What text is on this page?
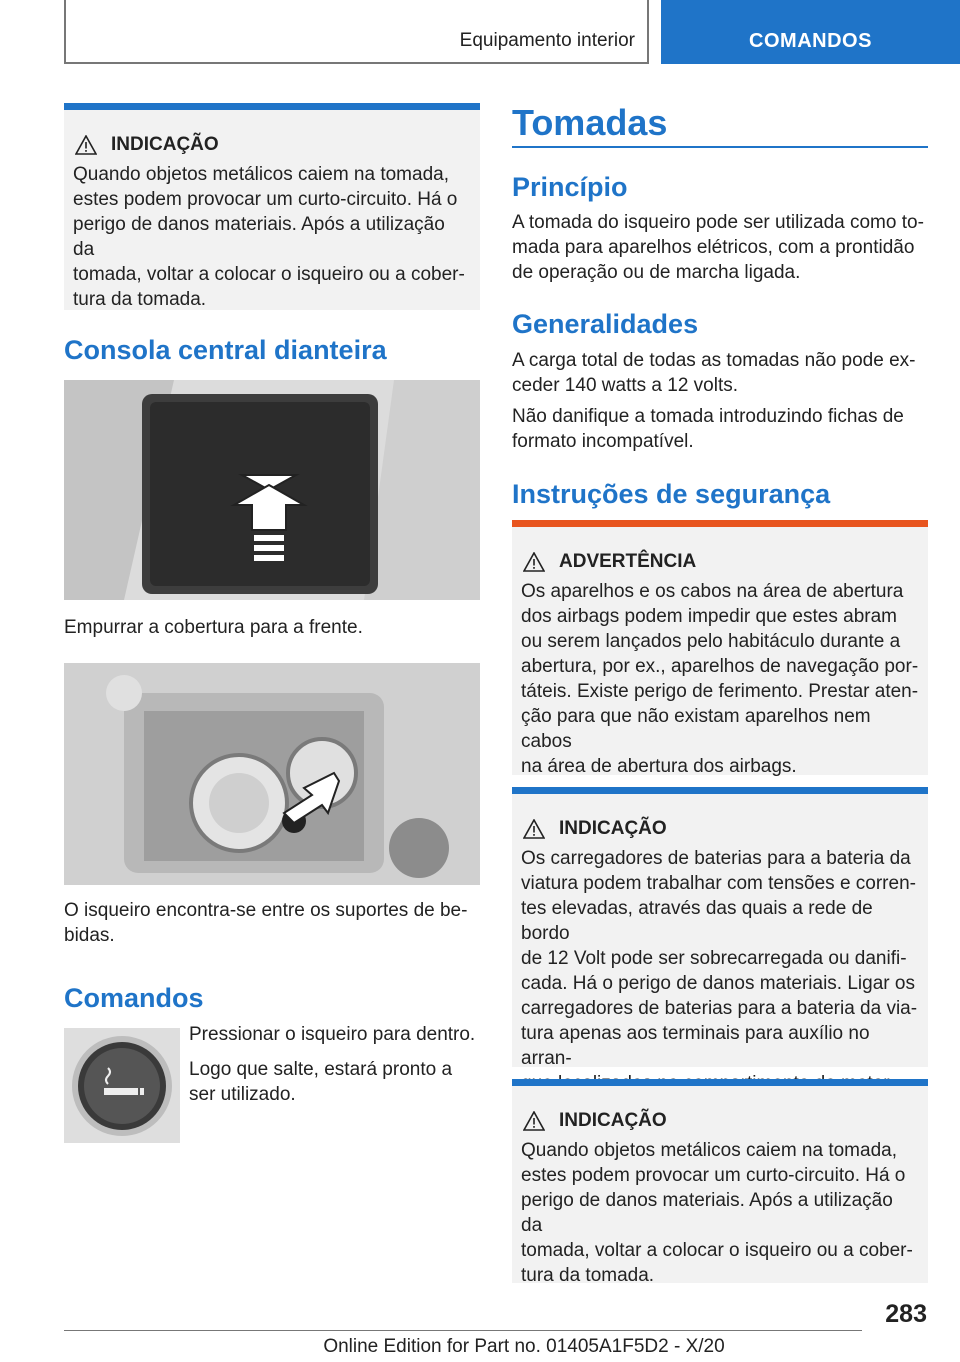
Equipamento interior	COMANDOS
INDICAÇÃO

Quando objetos metálicos caiem na tomada,
estes podem provocar um curto-circuito. Há o
perigo de danos materiais. Após a utilização da
tomada, voltar a colocar o isqueiro ou a cober-
tura da tomada.

Consola central dianteira

Empurrar a cobertura para a frente.

O isqueiro encontra-se entre os suportes de be-
bidas.

Comandos

Pressionar o isqueiro para dentro.

Logo que salte, estará pronto a
ser utilizado.

Tomadas
Princípio

A tomada do isqueiro pode ser utilizada como to-
mada para aparelhos elétricos, com a prontidão
de operação ou de marcha ligada.

Generalidades

A carga total de todas as tomadas não pode ex-
ceder 140 watts a 12 volts.

Não danifique a tomada introduzindo fichas de
formato incompatível.

Instruções de segurança
ADVERTÊNCIA

Os aparelhos e os cabos na área de abertura
dos airbags podem impedir que estes abram
ou serem lançados pelo habitáculo durante a
abertura, por ex., aparelhos de navegação por-
táteis. Existe perigo de ferimento. Prestar aten-
ção para que não existam aparelhos nem cabos
na área de abertura dos airbags.

INDICAÇÃO

Os carregadores de baterias para a bateria da
viatura podem trabalhar com tensões e corren-
tes elevadas, através das quais a rede de bordo
de 12 Volt pode ser sobrecarregada ou danifi-
cada. Há o perigo de danos materiais. Ligar os
carregadores de baterias para a bateria da via-
tura apenas aos terminais para auxílio no arran-

INDICAÇÃO

Quando objetos metálicos caiem na tomada,
estes podem provocar um curto-circuito. Há o
perigo de danos materiais. Após a utilização da
tomada, voltar a colocar o isqueiro ou a cober-
tura da tomada.

283
Online Edition for Part no. 01405A1F5D2 - X/20
